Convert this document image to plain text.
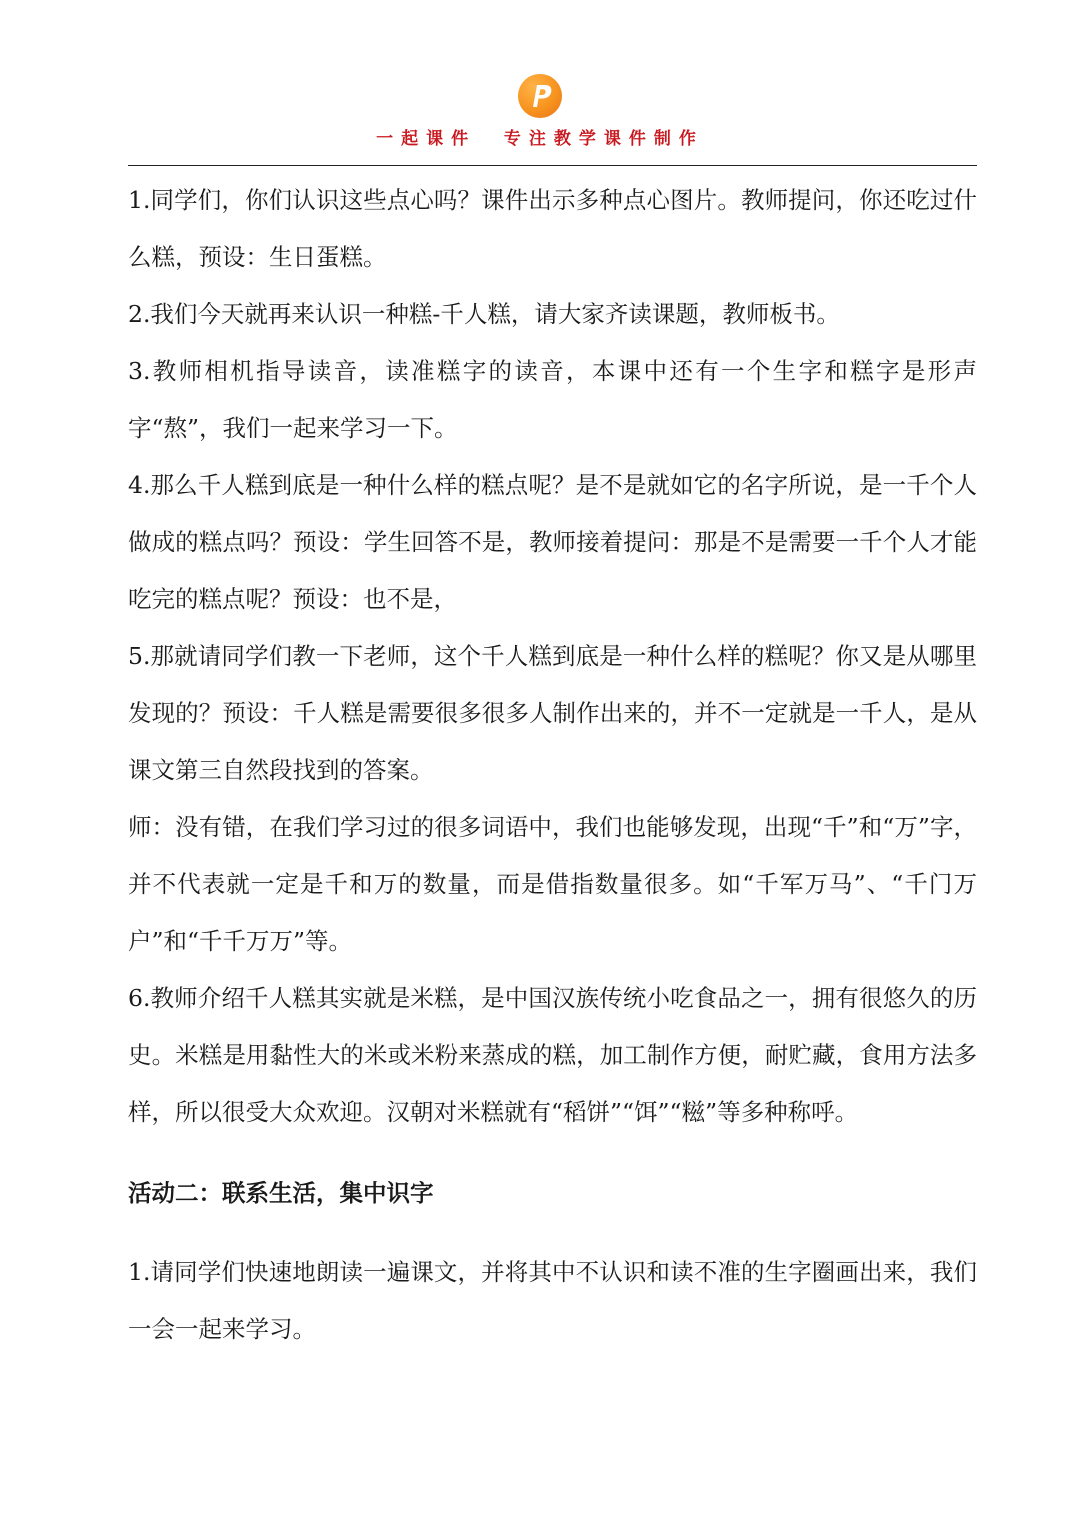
一起课件  专注教学课件制作

1.同学们，你们认识这些点心吗？课件出示多种点心图片。教师提问，你还吃过什么糕，预设：生日蛋糕。

2.我们今天就再来认识一种糕-千人糕，请大家齐读课题，教师板书。

3.教师相机指导读音，读准糕字的读音，本课中还有一个生字和糕字是形声字“熬”，我们一起来学习一下。

4.那么千人糕到底是一种什么样的糕点呢？是不是就如它的名字所说，是一千个人做成的糕点吗？预设：学生回答不是，教师接着提问：那是不是需要一千个人才能吃完的糕点呢？预设：也不是，

5.那就请同学们教一下老师，这个千人糕到底是一种什么样的糕呢？你又是从哪里发现的？预设：千人糕是需要很多很多人制作出来的，并不一定就是一千人，是从课文第三自然段找到的答案。

师：没有错，在我们学习过的很多词语中，我们也能够发现，出现“千”和“万”字，并不代表就一定是千和万的数量，而是借指数量很多。如“千军万马”、“千门万户”和“千千万万”等。

6.教师介绍千人糕其实就是米糕，是中国汉族传统小吃食品之一，拥有很悠久的历史。米糕是用黏性大的米或米粉来蒸成的糕，加工制作方便，耐贮藏，食用方法多样，所以很受大众欢迎。汉朝对米糕就有“稻饼”“饵”“糍”等多种称呼。

活动二：联系生活，集中识字

1.请同学们快速地朗读一遍课文，并将其中不认识和读不准的生字圈画出来，我们一会一起来学习。
